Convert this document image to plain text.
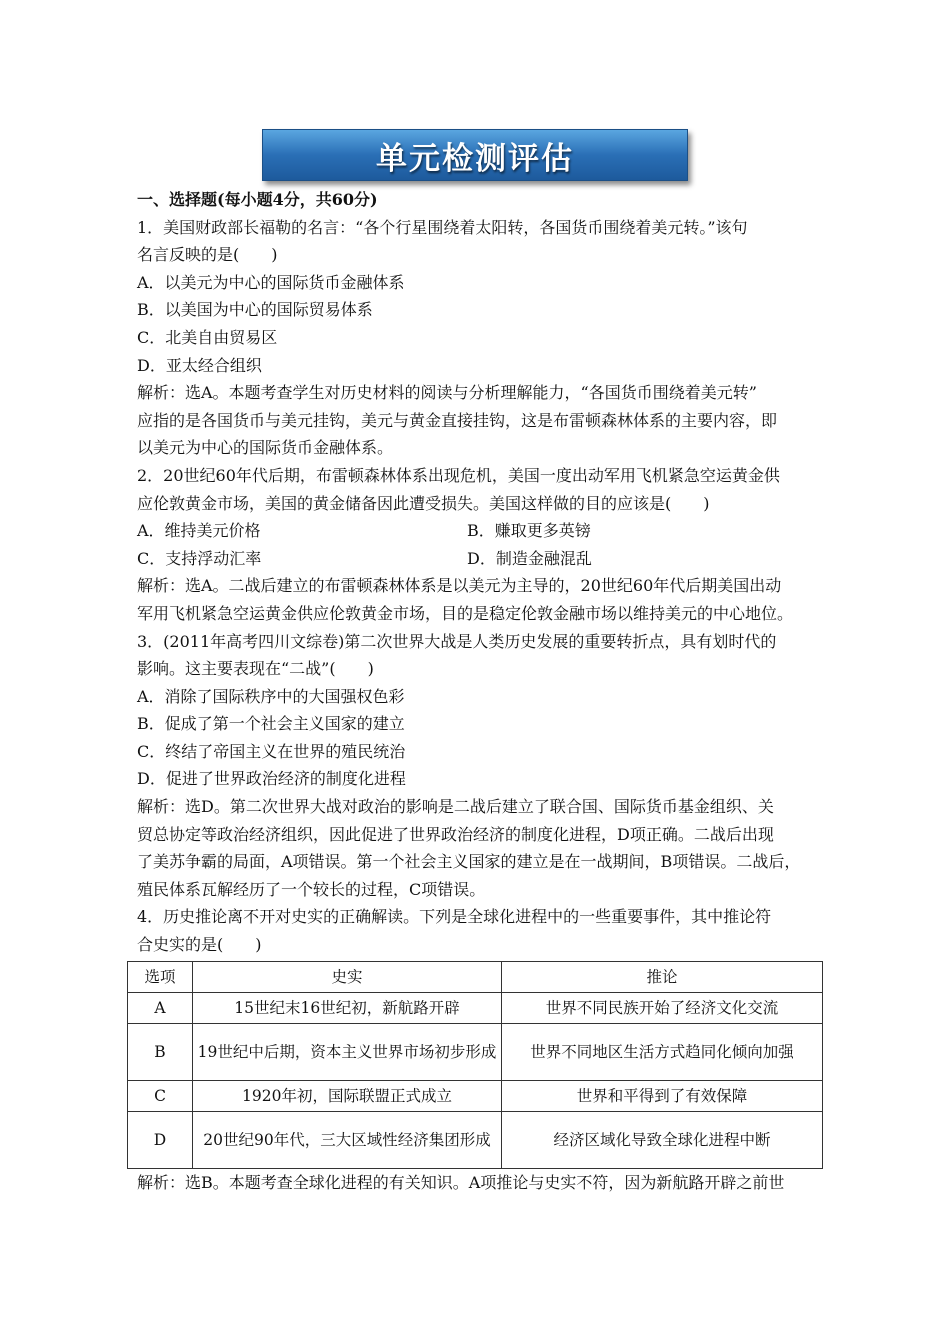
单元检测评估
一、选择题(每小题4分，共60分)
1．美国财政部长福勒的名言：“各个行星围绕着太阳转，各国货币围绕着美元转。”该句
名言反映的是(　　)
A．以美元为中心的国际货币金融体系
B．以美国为中心的国际贸易体系
C．北美自由贸易区
D．亚太经合组织
解析：选A。本题考查学生对历史材料的阅读与分析理解能力，“各国货币围绕着美元转”
应指的是各国货币与美元挂钩，美元与黄金直接挂钩，这是布雷顿森林体系的主要内容，即
以美元为中心的国际货币金融体系。
2．20世纪60年代后期，布雷顿森林体系出现危机，美国一度出动军用飞机紧急空运黄金供
应伦敦黄金市场，美国的黄金储备因此遭受损失。美国这样做的目的应该是(　　)
A．维持美元价格	B．赚取更多英镑
C．支持浮动汇率	D．制造金融混乱
解析：选A。二战后建立的布雷顿森林体系是以美元为主导的，20世纪60年代后期美国出动
军用飞机紧急空运黄金供应伦敦黄金市场，目的是稳定伦敦金融市场以维持美元的中心地位。
3．(2011年高考四川文综卷)第二次世界大战是人类历史发展的重要转折点，具有划时代的
影响。这主要表现在“二战”(　　)
A．消除了国际秩序中的大国强权色彩
B．促成了第一个社会主义国家的建立
C．终结了帝国主义在世界的殖民统治
D．促进了世界政治经济的制度化进程
解析：选D。第二次世界大战对政治的影响是二战后建立了联合国、国际货币基金组织、关
贸总协定等政治经济组织，因此促进了世界政治经济的制度化进程，D项正确。二战后出现
了美苏争霸的局面，A项错误。第一个社会主义国家的建立是在一战期间，B项错误。二战后，
殖民体系瓦解经历了一个较长的过程，C项错误。
4．历史推论离不开对史实的正确解读。下列是全球化进程中的一些重要事件，其中推论符
合史实的是(　　)
选项	史实	推论
A	15世纪末16世纪初，新航路开辟	世界不同民族开始了经济文化交流
B	19世纪中后期，资本主义世界市场初步形成	世界不同地区生活方式趋同化倾向加强
C	1920年初，国际联盟正式成立	世界和平得到了有效保障
D	20世纪90年代，三大区域性经济集团形成	经济区域化导致全球化进程中断
解析：选B。本题考查全球化进程的有关知识。A项推论与史实不符，因为新航路开辟之前世
